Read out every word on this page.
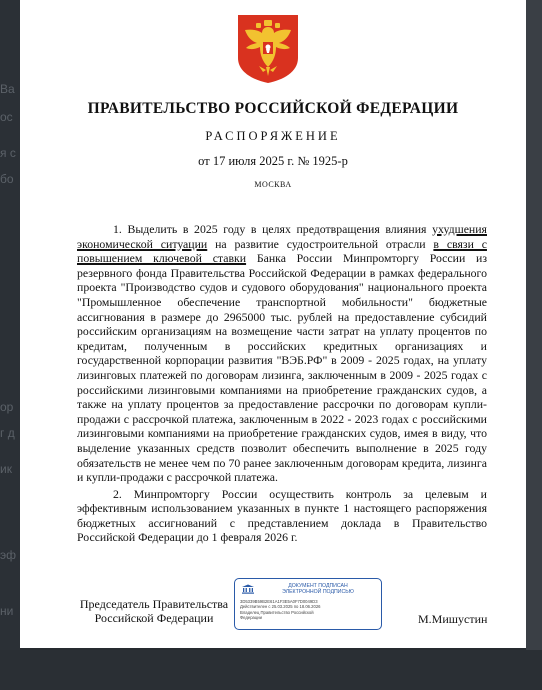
Ва
ос
я с
бо
ор
г д
ик
эф
ни
ПРАВИТЕЛЬСТВО РОССИЙСКОЙ ФЕДЕРАЦИИ
РАСПОРЯЖЕНИЕ
от 17 июля 2025 г. № 1925-р
МОСКВА

1. Выделить в 2025 году в целях предотвращения влияния ухудшения экономической ситуации на развитие судостроительной отрасли в связи с повышением ключевой ставки Банка России Минпромторгу России из резервного фонда Правительства Российской Федерации в рамках федерального проекта "Производство судов и судового оборудования" национального проекта "Промышленное обеспечение транспортной мобильности" бюджетные ассигнования в размере до 2965000 тыс. рублей на предоставление субсидий российским организациям на возмещение части затрат на уплату процентов по кредитам, полученным в российских кредитных организациях и государственной корпорации развития "ВЭБ.РФ" в 2009 - 2025 годах, на уплату лизинговых платежей по договорам лизинга, заключенным в 2009 - 2025 годах с российскими лизинговыми компаниями на приобретение гражданских судов, а также на уплату процентов за предоставление рассрочки по договорам купли-продажи с рассрочкой платежа, заключенным в 2022 - 2023 годах с российскими лизинговыми компаниями на приобретение гражданских судов, имея в виду, что выделение указанных средств позволит обеспечить выполнение в 2025 году обязательств не менее чем по 70 ранее заключенным договорам кредита, лизинга и купли-продажи с рассрочкой платежа.

2. Минпромторгу России осуществить контроль за целевым и эффективным использованием указанных в пункте 1 настоящего распоряжения бюджетных ассигнований с представлением доклада в Правительство Российской Федерации до 1 февраля 2026 г.

Председатель Правительства
Российской Федерации
ДОКУМЕНТ ПОДПИСАН
ЭЛЕКТРОННОЙ ПОДПИСЬЮ
3D5339B59B2E61A1F3E5A0F7D0049D3
Действителен с 25.03.2025 по 18.06.2026
Владелец Правительство Российской
Федерации	М.Мишустин
